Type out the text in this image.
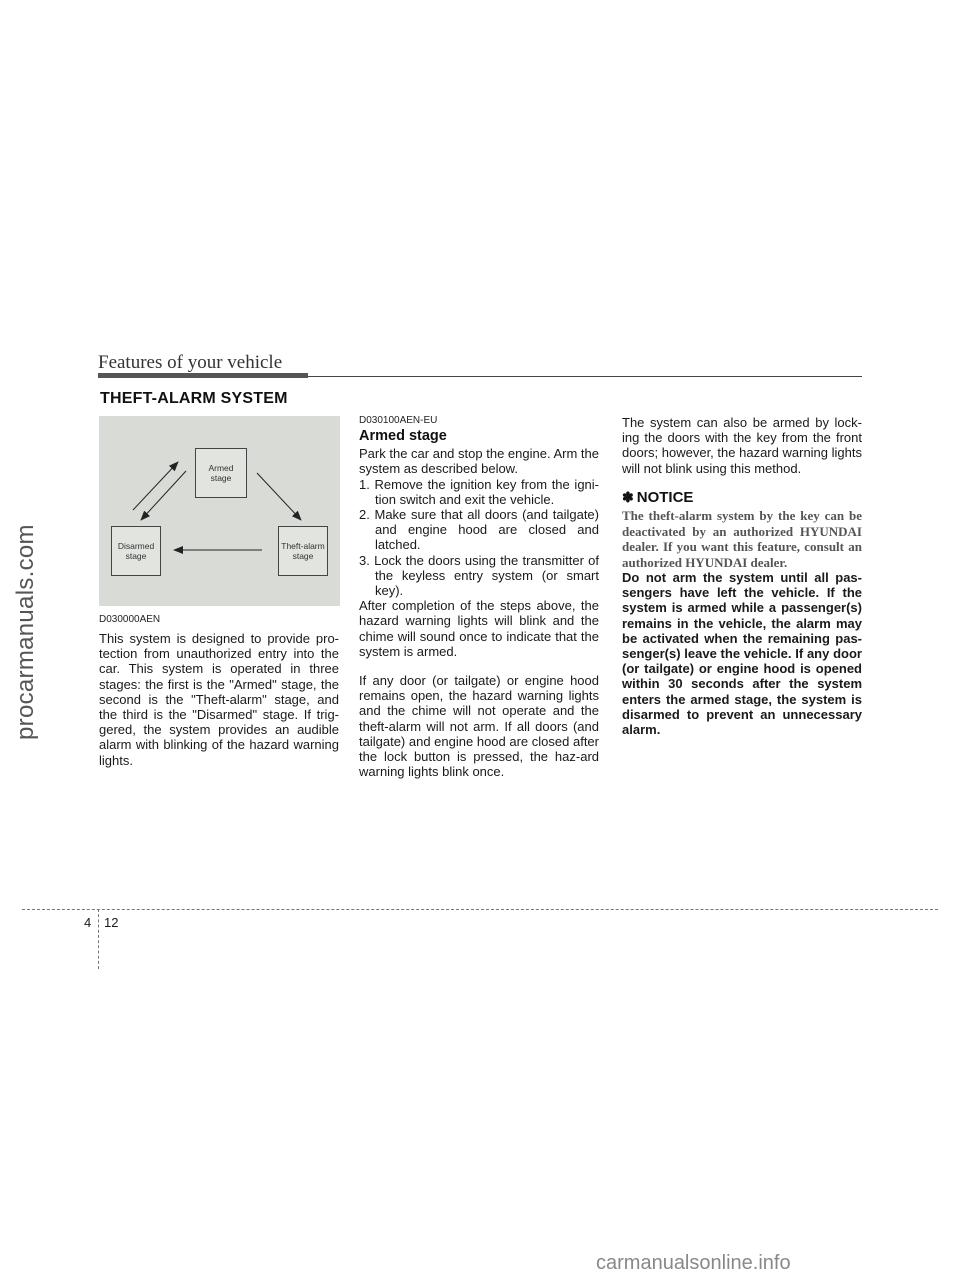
Features of your vehicle
THEFT-ALARM SYSTEM
Armed stage
Disarmed stage
Theft-alarm stage
D030000AEN

This system is designed to provide pro-tection from unauthorized entry into the car. This system is operated in three stages: the first is the "Armed" stage, the second is the "Theft-alarm" stage, and the third is the "Disarmed" stage. If trig-gered, the system provides an audible alarm with blinking of the hazard warning lights.

D030100AEN-EU
Armed stage

Park the car and stop the engine. Arm the system as described below.

1. Remove the ignition key from the igni-tion switch and exit the vehicle.
2. Make sure that all doors (and tailgate) and engine hood are closed and latched.
3. Lock the doors using the transmitter of the keyless entry system (or smart key).

After completion of the steps above, the hazard warning lights will blink and the chime will sound once to indicate that the system is armed.

If any door (or tailgate) or engine hood remains open, the hazard warning lights and the chime will not operate and the theft-alarm will not arm. If all doors (and tailgate) and engine hood are closed after the lock button is pressed, the haz-ard warning lights blink once.

The system can also be armed by lock-ing the doors with the key from the front doors; however, the hazard warning lights will not blink using this method.

✽ NOTICE

The theft-alarm system by the key can be deactivated by an authorized HYUNDAI dealer. If you want this feature, consult an authorized HYUNDAI dealer.

Do not arm the system until all pas-sengers have left the vehicle. If the system is armed while a passenger(s) remains in the vehicle, the alarm may be activated when the remaining pas-senger(s) leave the vehicle. If any door (or tailgate) or engine hood is opened within 30 seconds after the system enters the armed stage, the system is disarmed to prevent an unnecessary alarm.

4 12
procarmanuals.com
carmanualsonline.info
